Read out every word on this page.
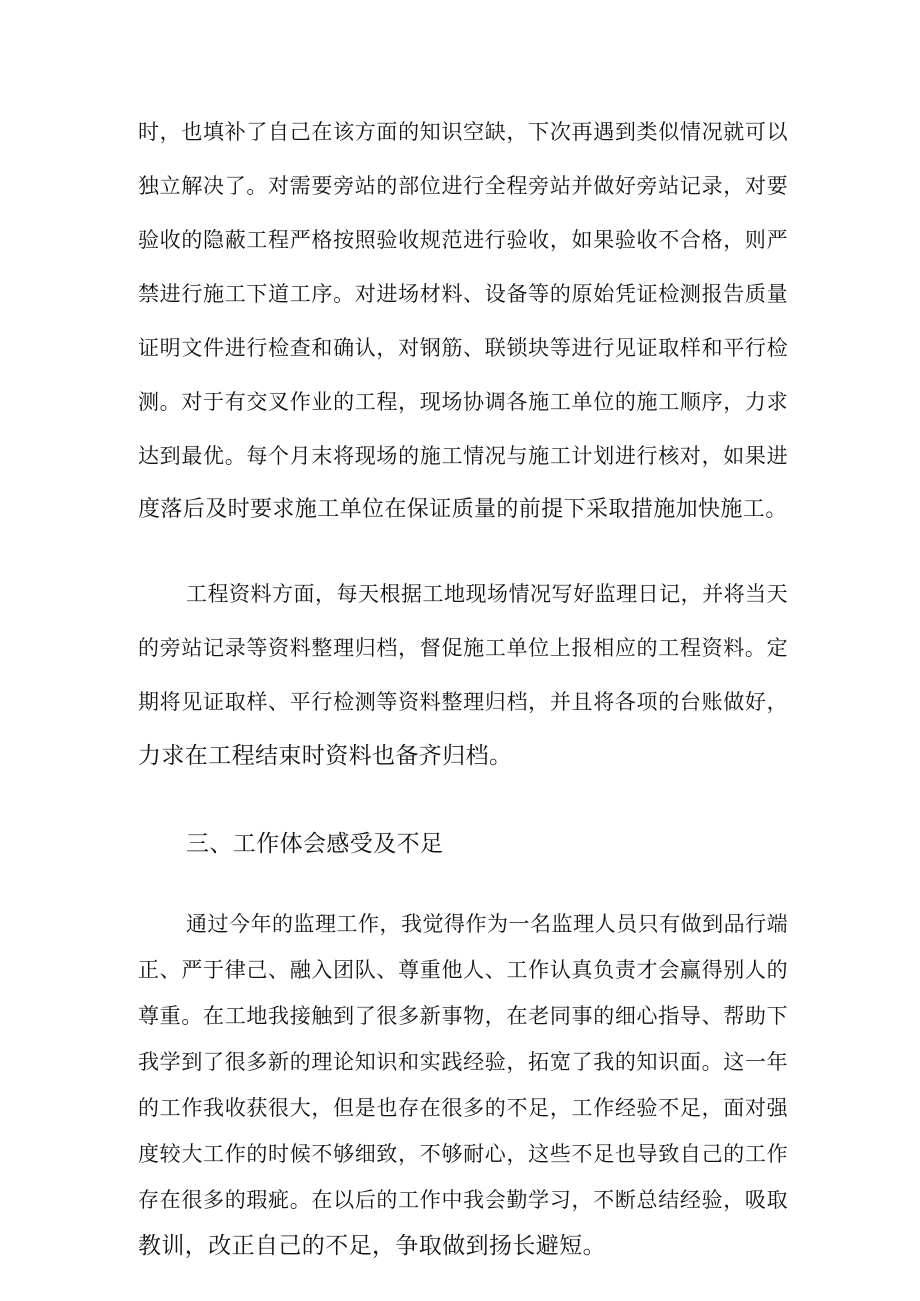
时，也填补了自己在该方面的知识空缺，下次再遇到类似情况就可以
独立解决了。对需要旁站的部位进行全程旁站并做好旁站记录，对要
验收的隐蔽工程严格按照验收规范进行验收，如果验收不合格，则严
禁进行施工下道工序。对进场材料、设备等的原始凭证检测报告质量
证明文件进行检查和确认，对钢筋、联锁块等进行见证取样和平行检
测。对于有交叉作业的工程，现场协调各施工单位的施工顺序，力求
达到最优。每个月末将现场的施工情况与施工计划进行核对，如果进
度落后及时要求施工单位在保证质量的前提下采取措施加快施工。
工程资料方面，每天根据工地现场情况写好监理日记，并将当天
的旁站记录等资料整理归档，督促施工单位上报相应的工程资料。定
期将见证取样、平行检测等资料整理归档，并且将各项的台账做好，
力求在工程结束时资料也备齐归档。
三、工作体会感受及不足
通过今年的监理工作，我觉得作为一名监理人员只有做到品行端
正、严于律己、融入团队、尊重他人、工作认真负责才会赢得别人的
尊重。在工地我接触到了很多新事物，在老同事的细心指导、帮助下
我学到了很多新的理论知识和实践经验，拓宽了我的知识面。这一年
的工作我收获很大，但是也存在很多的不足，工作经验不足，面对强
度较大工作的时候不够细致，不够耐心，这些不足也导致自己的工作
存在很多的瑕疵。在以后的工作中我会勤学习，不断总结经验，吸取
教训，改正自己的不足，争取做到扬长避短。
